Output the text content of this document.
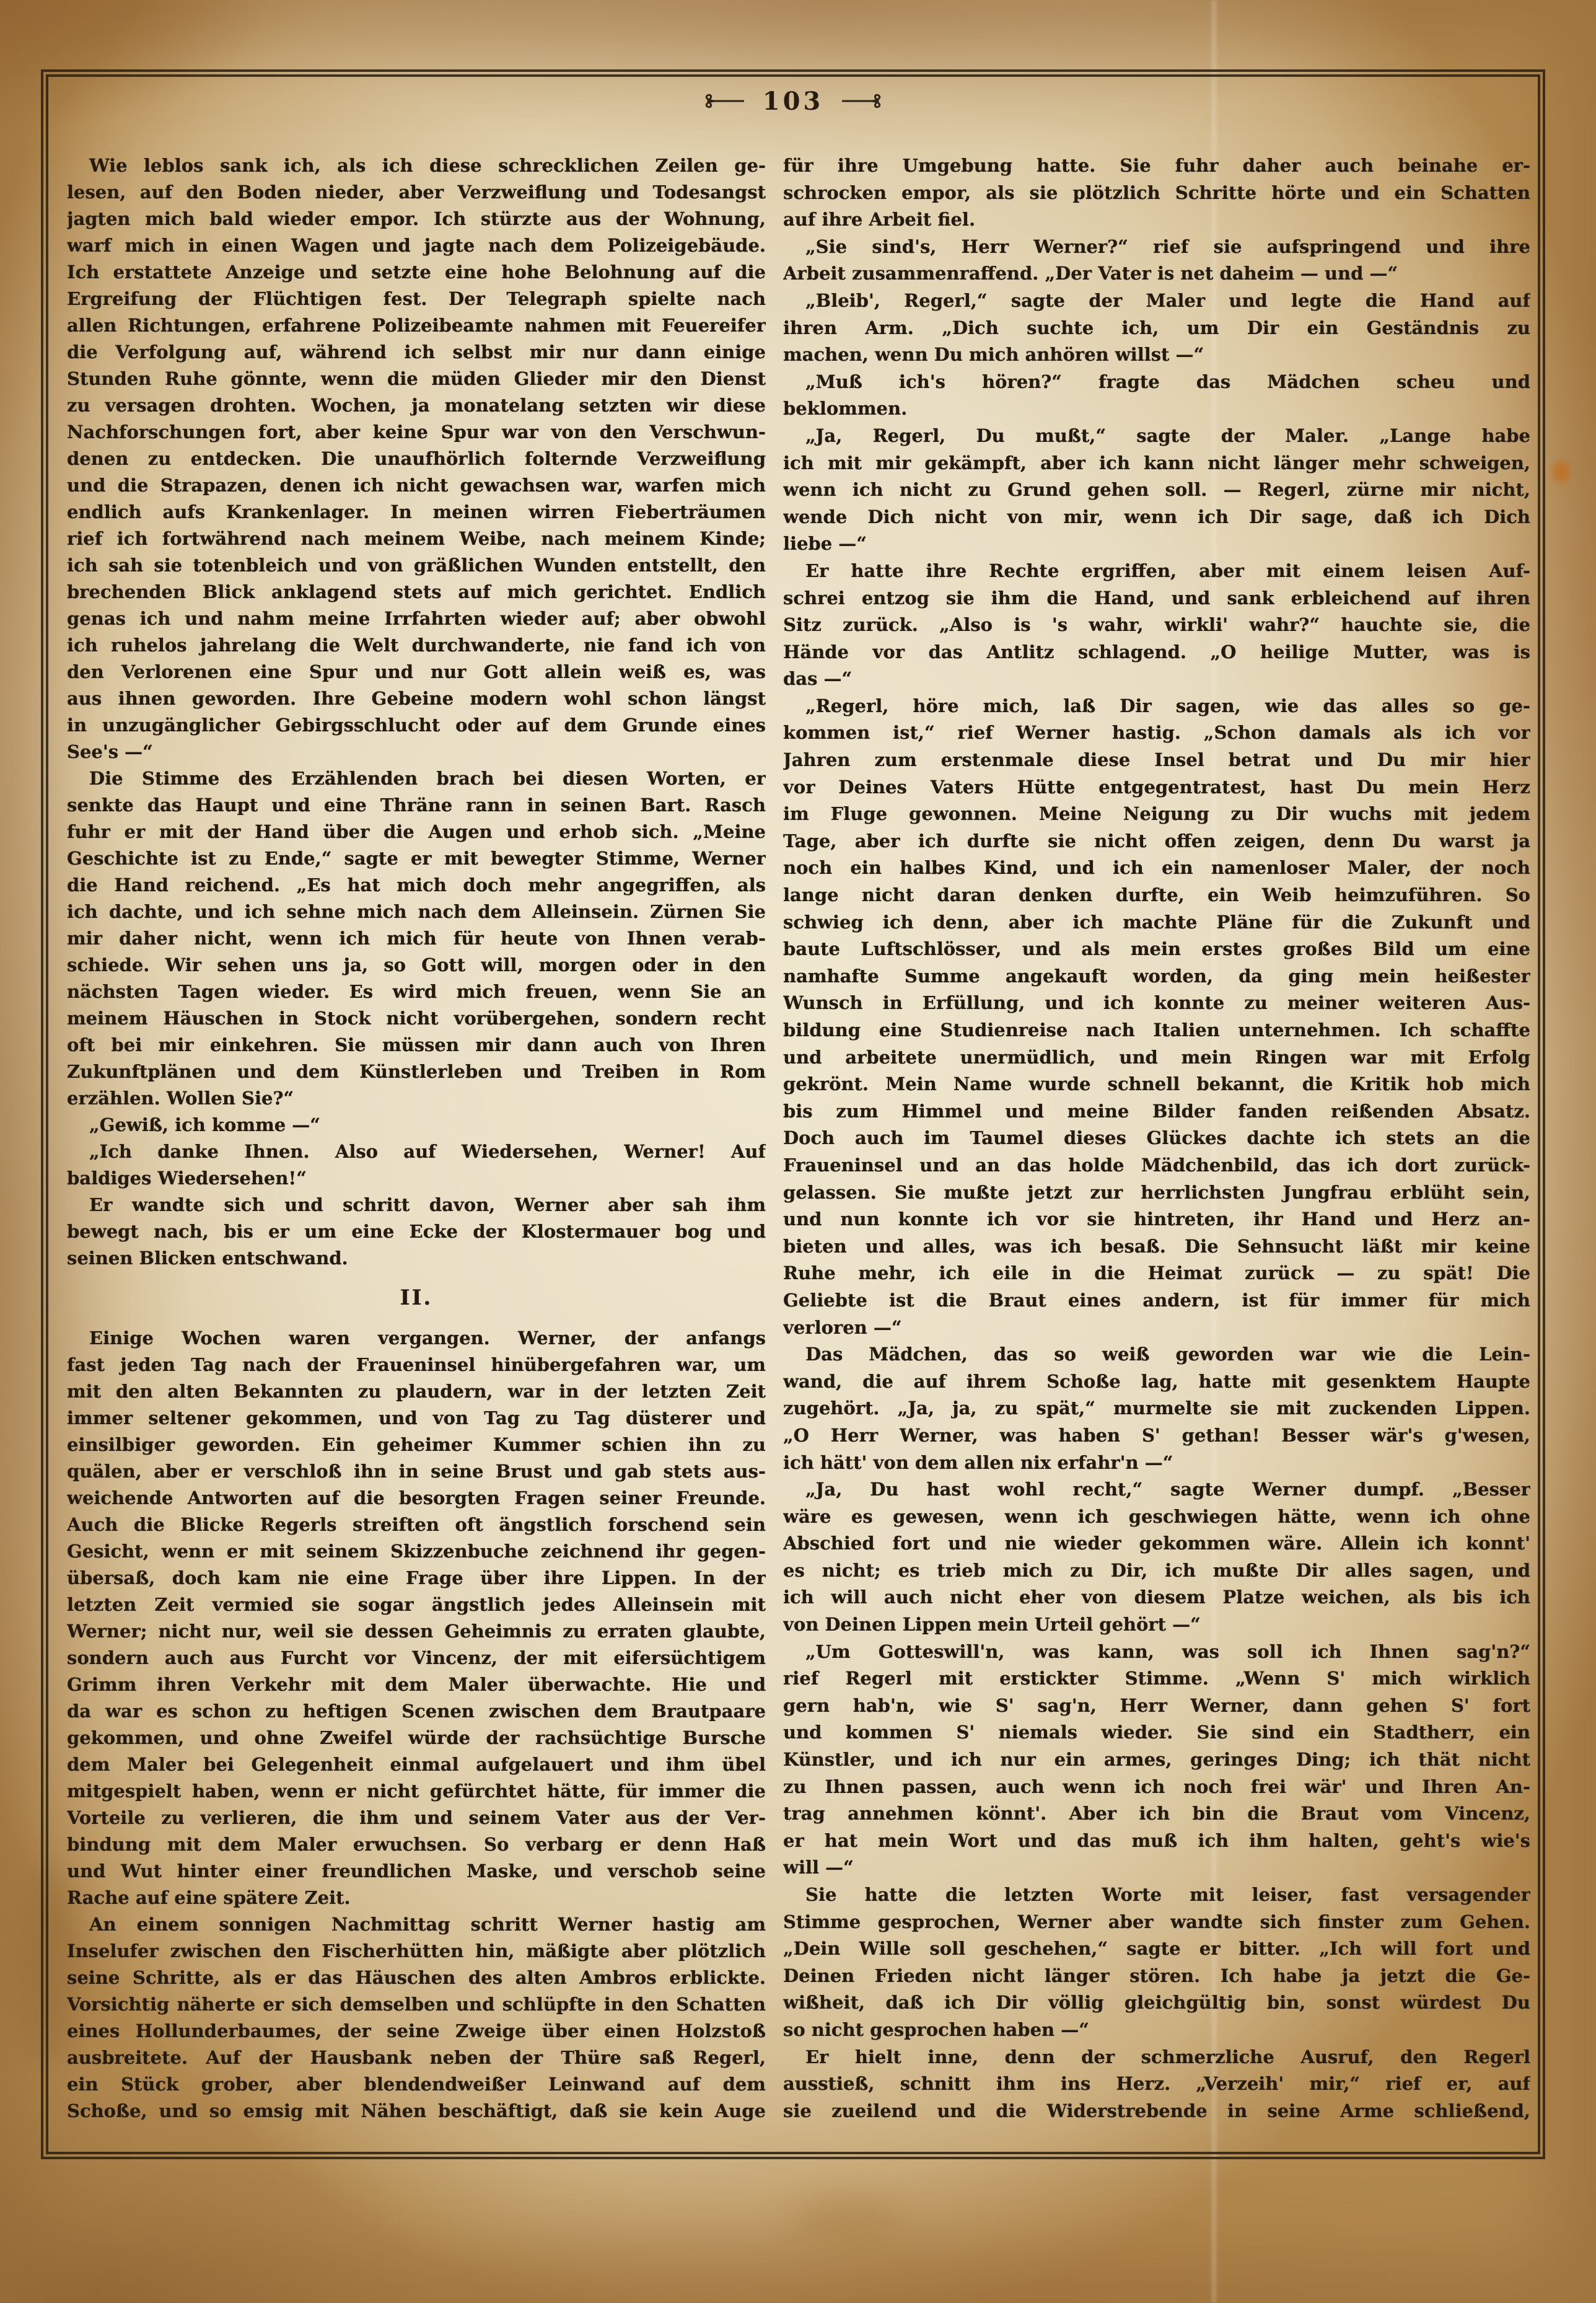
103
Wie leblos sank ich, als ich diese schrecklichen Zeilen ge-
lesen, auf den Boden nieder, aber Verzweiflung und Todesangst
jagten mich bald wieder empor. Ich stürzte aus der Wohnung,
warf mich in einen Wagen und jagte nach dem Polizeigebäude.
Ich erstattete Anzeige und setzte eine hohe Belohnung auf die
Ergreifung der Flüchtigen fest. Der Telegraph spielte nach
allen Richtungen, erfahrene Polizeibeamte nahmen mit Feuereifer
die Verfolgung auf, während ich selbst mir nur dann einige
Stunden Ruhe gönnte, wenn die müden Glieder mir den Dienst
zu versagen drohten. Wochen, ja monatelang setzten wir diese
Nachforschungen fort, aber keine Spur war von den Verschwun-
denen zu entdecken. Die unaufhörlich folternde Verzweiflung
und die Strapazen, denen ich nicht gewachsen war, warfen mich
endlich aufs Krankenlager. In meinen wirren Fieberträumen
rief ich fortwährend nach meinem Weibe, nach meinem Kinde;
ich sah sie totenbleich und von gräßlichen Wunden entstellt, den
brechenden Blick anklagend stets auf mich gerichtet. Endlich
genas ich und nahm meine Irrfahrten wieder auf; aber obwohl
ich ruhelos jahrelang die Welt durchwanderte, nie fand ich von
den Verlorenen eine Spur und nur Gott allein weiß es, was
aus ihnen geworden. Ihre Gebeine modern wohl schon längst
in unzugänglicher Gebirgsschlucht oder auf dem Grunde eines
See's —“
Die Stimme des Erzählenden brach bei diesen Worten, er
senkte das Haupt und eine Thräne rann in seinen Bart. Rasch
fuhr er mit der Hand über die Augen und erhob sich. „Meine
Geschichte ist zu Ende,“ sagte er mit bewegter Stimme, Werner
die Hand reichend. „Es hat mich doch mehr angegriffen, als
ich dachte, und ich sehne mich nach dem Alleinsein. Zürnen Sie
mir daher nicht, wenn ich mich für heute von Ihnen verab-
schiede. Wir sehen uns ja, so Gott will, morgen oder in den
nächsten Tagen wieder. Es wird mich freuen, wenn Sie an
meinem Häuschen in Stock nicht vorübergehen, sondern recht
oft bei mir einkehren. Sie müssen mir dann auch von Ihren
Zukunftplänen und dem Künstlerleben und Treiben in Rom
erzählen. Wollen Sie?“
„Gewiß, ich komme —“
„Ich danke Ihnen. Also auf Wiedersehen, Werner! Auf
baldiges Wiedersehen!“
Er wandte sich und schritt davon, Werner aber sah ihm
bewegt nach, bis er um eine Ecke der Klostermauer bog und
seinen Blicken entschwand.
II.
Einige Wochen waren vergangen. Werner, der anfangs
fast jeden Tag nach der Fraueninsel hinübergefahren war, um
mit den alten Bekannten zu plaudern, war in der letzten Zeit
immer seltener gekommen, und von Tag zu Tag düsterer und
einsilbiger geworden. Ein geheimer Kummer schien ihn zu
quälen, aber er verschloß ihn in seine Brust und gab stets aus-
weichende Antworten auf die besorgten Fragen seiner Freunde.
Auch die Blicke Regerls streiften oft ängstlich forschend sein
Gesicht, wenn er mit seinem Skizzenbuche zeichnend ihr gegen-
übersaß, doch kam nie eine Frage über ihre Lippen. In der
letzten Zeit vermied sie sogar ängstlich jedes Alleinsein mit
Werner; nicht nur, weil sie dessen Geheimnis zu erraten glaubte,
sondern auch aus Furcht vor Vincenz, der mit eifersüchtigem
Grimm ihren Verkehr mit dem Maler überwachte. Hie und
da war es schon zu heftigen Scenen zwischen dem Brautpaare
gekommen, und ohne Zweifel würde der rachsüchtige Bursche
dem Maler bei Gelegenheit einmal aufgelauert und ihm übel
mitgespielt haben, wenn er nicht gefürchtet hätte, für immer die
Vorteile zu verlieren, die ihm und seinem Vater aus der Ver-
bindung mit dem Maler erwuchsen. So verbarg er denn Haß
und Wut hinter einer freundlichen Maske, und verschob seine
Rache auf eine spätere Zeit.
An einem sonnigen Nachmittag schritt Werner hastig am
Inselufer zwischen den Fischerhütten hin, mäßigte aber plötzlich
seine Schritte, als er das Häuschen des alten Ambros erblickte.
Vorsichtig näherte er sich demselben und schlüpfte in den Schatten
eines Hollunderbaumes, der seine Zweige über einen Holzstoß
ausbreitete. Auf der Hausbank neben der Thüre saß Regerl,
ein Stück grober, aber blendendweißer Leinwand auf dem
Schoße, und so emsig mit Nähen beschäftigt, daß sie kein Auge
für ihre Umgebung hatte. Sie fuhr daher auch beinahe er-
schrocken empor, als sie plötzlich Schritte hörte und ein Schatten
auf ihre Arbeit fiel.
„Sie sind's, Herr Werner?“ rief sie aufspringend und ihre
Arbeit zusammenraffend. „Der Vater is net daheim — und —“
„Bleib', Regerl,“ sagte der Maler und legte die Hand auf
ihren Arm. „Dich suchte ich, um Dir ein Geständnis zu
machen, wenn Du mich anhören willst —“
„Muß ich's hören?“ fragte das Mädchen scheu und
beklommen.
„Ja, Regerl, Du mußt,“ sagte der Maler. „Lange habe
ich mit mir gekämpft, aber ich kann nicht länger mehr schweigen,
wenn ich nicht zu Grund gehen soll. — Regerl, zürne mir nicht,
wende Dich nicht von mir, wenn ich Dir sage, daß ich Dich
liebe —“
Er hatte ihre Rechte ergriffen, aber mit einem leisen Auf-
schrei entzog sie ihm die Hand, und sank erbleichend auf ihren
Sitz zurück. „Also is 's wahr, wirkli' wahr?“ hauchte sie, die
Hände vor das Antlitz schlagend. „O heilige Mutter, was is
das —“
„Regerl, höre mich, laß Dir sagen, wie das alles so ge-
kommen ist,“ rief Werner hastig. „Schon damals als ich vor
Jahren zum erstenmale diese Insel betrat und Du mir hier
vor Deines Vaters Hütte entgegentratest, hast Du mein Herz
im Fluge gewonnen. Meine Neigung zu Dir wuchs mit jedem
Tage, aber ich durfte sie nicht offen zeigen, denn Du warst ja
noch ein halbes Kind, und ich ein namenloser Maler, der noch
lange nicht daran denken durfte, ein Weib heimzuführen. So
schwieg ich denn, aber ich machte Pläne für die Zukunft und
baute Luftschlösser, und als mein erstes großes Bild um eine
namhafte Summe angekauft worden, da ging mein heißester
Wunsch in Erfüllung, und ich konnte zu meiner weiteren Aus-
bildung eine Studienreise nach Italien unternehmen. Ich schaffte
und arbeitete unermüdlich, und mein Ringen war mit Erfolg
gekrönt. Mein Name wurde schnell bekannt, die Kritik hob mich
bis zum Himmel und meine Bilder fanden reißenden Absatz.
Doch auch im Taumel dieses Glückes dachte ich stets an die
Fraueninsel und an das holde Mädchenbild, das ich dort zurück-
gelassen. Sie mußte jetzt zur herrlichsten Jungfrau erblüht sein,
und nun konnte ich vor sie hintreten, ihr Hand und Herz an-
bieten und alles, was ich besaß. Die Sehnsucht läßt mir keine
Ruhe mehr, ich eile in die Heimat zurück — zu spät! Die
Geliebte ist die Braut eines andern, ist für immer für mich
verloren —“
Das Mädchen, das so weiß geworden war wie die Lein-
wand, die auf ihrem Schoße lag, hatte mit gesenktem Haupte
zugehört. „Ja, ja, zu spät,“ murmelte sie mit zuckenden Lippen.
„O Herr Werner, was haben S' gethan! Besser wär's g'wesen,
ich hätt' von dem allen nix erfahr'n —“
„Ja, Du hast wohl recht,“ sagte Werner dumpf. „Besser
wäre es gewesen, wenn ich geschwiegen hätte, wenn ich ohne
Abschied fort und nie wieder gekommen wäre. Allein ich konnt'
es nicht; es trieb mich zu Dir, ich mußte Dir alles sagen, und
ich will auch nicht eher von diesem Platze weichen, als bis ich
von Deinen Lippen mein Urteil gehört —“
„Um Gotteswill'n, was kann, was soll ich Ihnen sag'n?“
rief Regerl mit erstickter Stimme. „Wenn S' mich wirklich
gern hab'n, wie S' sag'n, Herr Werner, dann gehen S' fort
und kommen S' niemals wieder. Sie sind ein Stadtherr, ein
Künstler, und ich nur ein armes, geringes Ding; ich thät nicht
zu Ihnen passen, auch wenn ich noch frei wär' und Ihren An-
trag annehmen könnt'. Aber ich bin die Braut vom Vincenz,
er hat mein Wort und das muß ich ihm halten, geht's wie's
will —“
Sie hatte die letzten Worte mit leiser, fast versagender
Stimme gesprochen, Werner aber wandte sich finster zum Gehen.
„Dein Wille soll geschehen,“ sagte er bitter. „Ich will fort und
Deinen Frieden nicht länger stören. Ich habe ja jetzt die Ge-
wißheit, daß ich Dir völlig gleichgültig bin, sonst würdest Du
so nicht gesprochen haben —“
Er hielt inne, denn der schmerzliche Ausruf, den Regerl
ausstieß, schnitt ihm ins Herz. „Verzeih' mir,“ rief er, auf
sie zueilend und die Widerstrebende in seine Arme schließend,
